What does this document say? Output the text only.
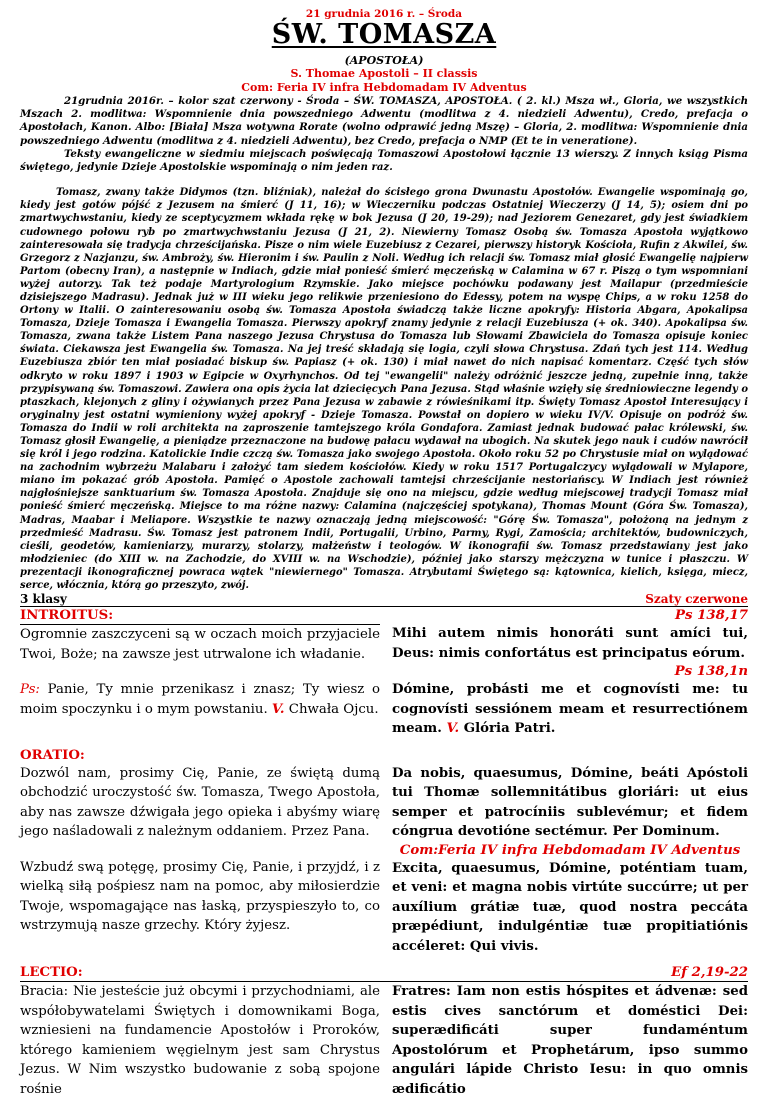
21 grudnia 2016 r. – Środa
ŚW. TOMASZA
(APOSTOŁA)
S. Thomae Apostoli – II classis
Com: Feria IV infra Hebdomadam IV Adventus

21grudnia 2016r. – kolor szat czerwony - Środa – ŚW. TOMASZA, APOSTOŁA. ( 2. kl.) Msza wł., Gloria, we wszystkich Mszach 2. modlitwa: Wspomnienie dnia powszedniego Adwentu (modlitwa z 4. niedzieli Adwentu), Credo, prefacja o Apostołach, Kanon. Albo: [Biała] Msza wotywna Rorate (wolno odprawić jedną Mszę) – Gloria, 2. modlitwa: Wspomnienie dnia powszedniego Adwentu (modlitwa z 4. niedzieli Adwentu), bez Credo, prefacja o NMP (Et te in veneratione).

Teksty ewangeliczne w siedmiu miejscach poświęcają Tomaszowi Apostołowi łącznie 13 wierszy. Z innych ksiąg Pisma świętego, jedynie Dzieje Apostolskie wspominają o nim jeden raz.

Tomasz, zwany także Didymos (tzn. bliźniak), należał do ścisłego grona Dwunastu Apostołów. Ewangelie wspominają go, kiedy jest gotów pójść z Jezusem na śmierć (J 11, 16); w Wieczerniku podczas Ostatniej Wieczerzy (J 14, 5); osiem dni po zmartwychwstaniu, kiedy ze sceptycyzmem wkłada rękę w bok Jezusa (J 20, 19-29); nad Jeziorem Genezaret, gdy jest świadkiem cudownego połowu ryb po zmartwychwstaniu Jezusa (J 21, 2). Niewierny Tomasz Osobą św. Tomasza Apostoła wyjątkowo zainteresowała się tradycja chrześcijańska. Pisze o nim wiele Euzebiusz z Cezarei, pierwszy historyk Kościoła, Rufin z Akwilei, św. Grzegorz z Nazjanzu, św. Ambroży, św. Hieronim i św. Paulin z Noli. Według ich relacji św. Tomasz miał głosić Ewangelię najpierw Partom (obecny Iran), a następnie w Indiach, gdzie miał ponieść śmierć męczeńską w Calamina w 67 r. Piszą o tym wspomniani wyżej autorzy. Tak też podaje Martyrologium Rzymskie. Jako miejsce pochówku podawany jest Mailapur (przedmieście dzisiejszego Madrasu). Jednak już w III wieku jego relikwie przeniesiono do Edessy, potem na wyspę Chips, a w roku 1258 do Ortony w Italii. O zainteresowaniu osobą św. Tomasza Apostoła świadczą także liczne apokryfy: Historia Abgara, Apokalipsa Tomasza, Dzieje Tomasza i Ewangelia Tomasza. Pierwszy apokryf znamy jedynie z relacji Euzebiusza (+ ok. 340). Apokalipsa św. Tomasza, zwana także Listem Pana naszego Jezusa Chrystusa do Tomasza lub Słowami Zbawiciela do Tomasza opisuje koniec świata. Ciekawsza jest Ewangelia św. Tomasza. Na jej treść składają się logia, czyli słowa Chrystusa. Zdań tych jest 114. Według Euzebiusza zbiór ten miał posiadać biskup św. Papiasz (+ ok. 130) i miał nawet do nich napisać komentarz. Część tych słów odkryto w roku 1897 i 1903 w Egipcie w Oxyrhynchos. Od tej "ewangelii" należy odróżnić jeszcze jedną, zupełnie inną, także przypisywaną św. Tomaszowi. Zawiera ona opis życia lat dziecięcych Pana Jezusa. Stąd właśnie wzięły się średniowieczne legendy o ptaszkach, klejonych z gliny i ożywianych przez Pana Jezusa w zabawie z rówieśnikami itp. Święty Tomasz Apostoł Interesujący i oryginalny jest ostatni wymieniony wyżej apokryf - Dzieje Tomasza. Powstał on dopiero w wieku IV/V. Opisuje on podróż św. Tomasza do Indii w roli architekta na zaproszenie tamtejszego króla Gondafora. Zamiast jednak budować pałac królewski, św. Tomasz głosił Ewangelię, a pieniądze przeznaczone na budowę pałacu wydawał na ubogich. Na skutek jego nauk i cudów nawrócił się król i jego rodzina. Katolickie Indie czczą św. Tomasza jako swojego Apostoła. Około roku 52 po Chrystusie miał on wylądować na zachodnim wybrzeżu Malabaru i założyć tam siedem kościołów. Kiedy w roku 1517 Portugalczycy wylądowali w Mylapore, miano im pokazać grób Apostoła. Pamięć o Apostole zachowali tamtejsi chrześcijanie nestoriańscy. W Indiach jest również najgłośniejsze sanktuarium św. Tomasza Apostoła. Znajduje się ono na miejscu, gdzie według miejscowej tradycji Tomasz miał ponieść śmierć męczeńską. Miejsce to ma różne nazwy: Calamina (najczęściej spotykana), Thomas Mount (Góra Św. Tomasza), Madras, Maabar i Meliapore. Wszystkie te nazwy oznaczają jedną miejscowość: "Górę Św. Tomasza", położoną na jednym z przedmieść Madrasu. Św. Tomasz jest patronem Indii, Portugalii, Urbino, Parmy, Rygi, Zamościa; architektów, budowniczych, cieśli, geodetów, kamieniarzy, murarzy, stolarzy, małżeństw i teologów. W ikonografii św. Tomasz przedstawiany jest jako młodzieniec (do XIII w. na Zachodzie, do XVIII w. na Wschodzie), później jako starszy mężczyzna w tunice i płaszczu. W prezentacji ikonograficznej powraca wątek "niewiernego" Tomasza. Atrybutami Świętego są: kątownica, kielich, księga, miecz, serce, włócznia, którą go przeszyto, zwój.

3 klasy	Szaty czerwone
INTROITUS:
Ogromnie zaszczyceni są w oczach moich przyjaciele Twoi, Boże; na zawsze jest utrwalone ich władanie.
Ps: Panie, Ty mnie przenikasz i znasz; Ty wiesz o moim spoczynku i o mym powstaniu. V. Chwała Ojcu.
Ps 138,17
Mihi autem nimis honoráti sunt amíci tui, Deus: nimis confortátus est principatus eórum.
Ps 138,1n
Dómine, probásti me et cognovísti me: tu cognovísti sessiónem meam et resurrectiónem meam. V. Glória Patri.
ORATIO:
Dozwól nam, prosimy Cię, Panie, ze świętą dumą obchodzić uroczystość św. Tomasza, Twego Apostoła, aby nas zawsze dźwigała jego opieka i abyśmy wiarę jego naśladowali z należnym oddaniem. Przez Pana.
Wzbudź swą potęgę, prosimy Cię, Panie, i przyjdź, i z wielką siłą pośpiesz nam na pomoc, aby miłosierdzie Twoje, wspomagające nas łaską, przyspieszyło to, co wstrzymują nasze grzechy. Który żyjesz.
Da nobis, quaesumus, Dómine, beáti Apóstoli tui Thomæ sollemnitátibus gloriári: ut eius semper et patrocíniis sublevémur; et fidem cóngrua devotióne sectémur. Per Dominum.
Com:Feria IV infra Hebdomadam IV Adventus
Excita, quaesumus, Dómine, poténtiam tuam, et veni: et magna nobis virtúte succúrre; ut per auxílium grátiæ tuæ, quod nostra peccáta præpédiunt, indulgéntiæ tuæ propitiatiónis accéleret: Qui vivis.
LECTIO:	Ef 2,19-22
Bracia: Nie jesteście już obcymi i przychodniami, ale współobywatelami Świętych i domownikami Boga, wzniesieni na fundamencie Apostołów i Proroków, którego kamieniem węgielnym jest sam Chrystus Jezus. W Nim wszystko budowanie z sobą spojone rośnie
Fratres: Iam non estis hóspites et ádvenæ: sed estis cives sanctórum et doméstici Dei: superædificáti super fundaméntum Apostolórum et Prophetárum, ipso summo angulári lápide Christo Iesu: in quo omnis ædificátio
